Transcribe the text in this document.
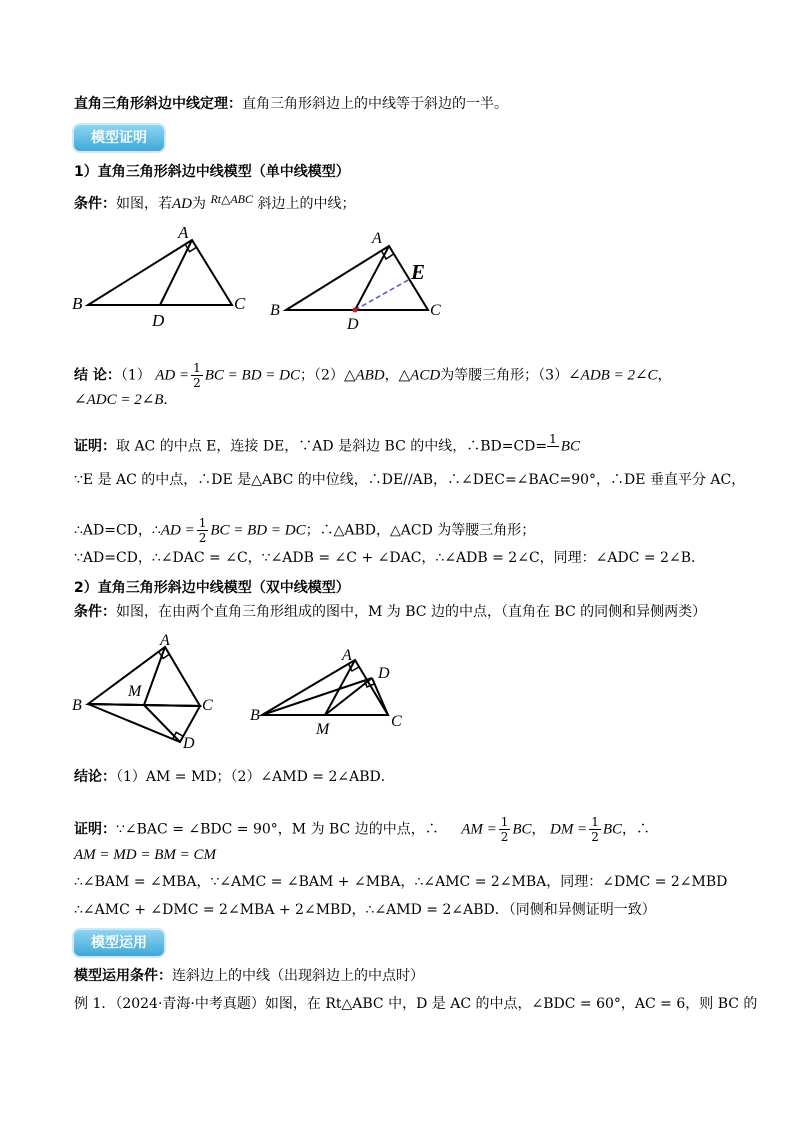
直角三角形斜边中线定理：直角三角形斜边上的中线等于斜边的一半。
模型证明
1）直角三角形斜边中线模型（单中线模型）
条件：如图，若AD为 Rt△ABC 斜边上的中线；
A
B	C
D
A
B	C
D
E
结 论：（1） AD = $\frac{1}{2}$ BC = BD = DC；（2）△ABD，△ACD为等腰三角形；（3）∠ADB = 2∠C，
∠ADC = 2∠B．
证明：取 AC 的中点 E，连接 DE，∵AD 是斜边 BC 的中线，∴BD=CD= 1
BC
∵E 是 AC 的中点，∴DE 是△ABC 的中位线，∴DE//AB，∴∠DEC=∠BAC=90°，∴DE 垂直平分 AC，
∴AD=CD，∴AD = $\frac{1}{2}$ BC = BD = DC；∴△ABD，△ACD 为等腰三角形；
∵AD=CD，∴∠DAC = ∠C，∵∠ADB = ∠C + ∠DAC，∴∠ADB = 2∠C，同理：∠ADC = 2∠B．
2）直角三角形斜边中线模型（双中线模型）
条件：如图，在由两个直角三角形组成的图中，M 为 BC 边的中点，（直角在 BC 的同侧和异侧两类）
A
B	C
D
M
A
B	C
D
M
结论：（1）AM = MD；（2）∠AMD = 2∠ABD．
证明：∵∠BAC = ∠BDC = 90°，M 为 BC 边的中点，∴ AM = $\frac{1}{2}$ BC， DM = $\frac{1}{2}$ BC，∴
AM = MD = BM = CM
∴∠BAM = ∠MBA，∵∠AMC = ∠BAM + ∠MBA，∴∠AMC = 2∠MBA，同理：∠DMC = 2∠MBD
∴∠AMC + ∠DMC = 2∠MBA + 2∠MBD，∴∠AMD = 2∠ABD．（同侧和异侧证明一致）
模型运用
模型运用条件：连斜边上的中线（出现斜边上的中点时）
例 1．（2024·青海·中考真题）如图，在 Rt△ABC 中，D 是 AC 的中点，∠BDC = 60°，AC = 6，则 BC 的
